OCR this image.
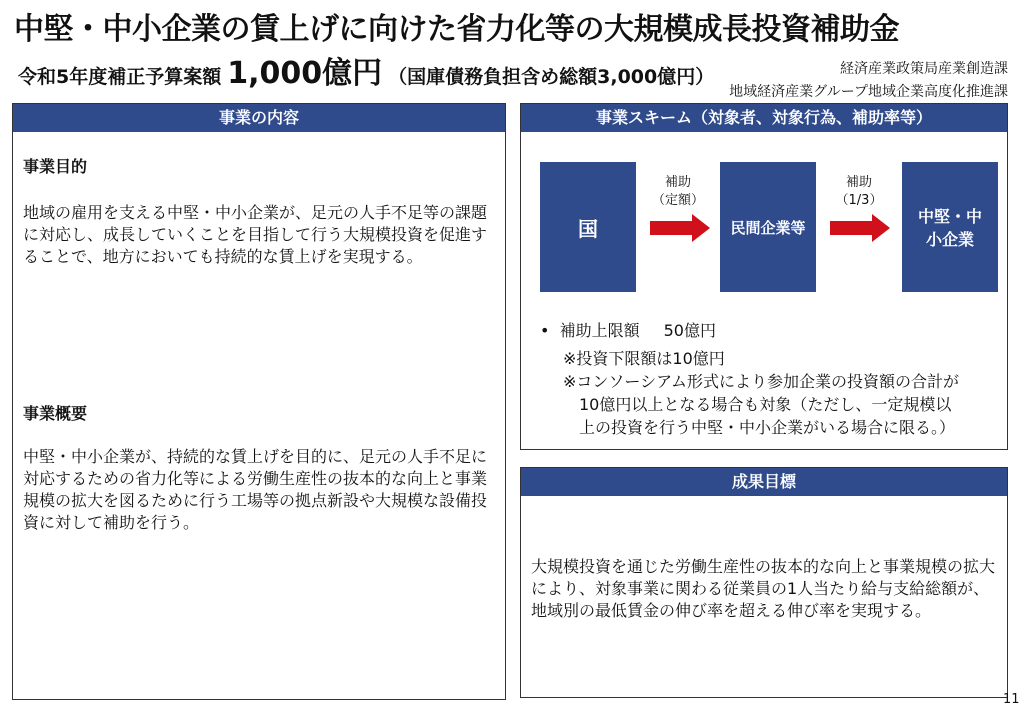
中堅・中小企業の賃上げに向けた省力化等の大規模成長投資補助金
令和5年度補正予算案額 1,000億円 （国庫債務負担含め総額3,000億円）	経済産業政策局産業創造課
地域経済産業グループ地域企業高度化推進課
事業の内容
事業目的
地域の雇用を支える中堅・中小企業が、足元の人手不足等の課題に対応し、成長していくことを目指して行う大規模投資を促進することで、地方においても持続的な賃上げを実現する。
事業概要
中堅・中小企業が、持続的な賃上げを目的に、足元の人手不足に対応するための省力化等による労働生産性の抜本的な向上と事業規模の拡大を図るために行う工場等の拠点新設や大規模な設備投資に対して補助を行う。
事業スキーム（対象者、対象行為、補助率等）
国	民間企業等
中堅・中小企業
補助
（定額）
補助
（1/3）
•  補助上限額 50億円
※投資下限額は10億円
※コンソーシアム形式により参加企業の投資額の合計が
10億円以上となる場合も対象（ただし、一定規模以
上の投資を行う中堅・中小企業がいる場合に限る。）
成果目標
大規模投資を通じた労働生産性の抜本的な向上と事業規模の拡大により、対象事業に関わる従業員の1人当たり給与支給総額が、地域別の最低賃金の伸び率を超える伸び率を実現する。
11
